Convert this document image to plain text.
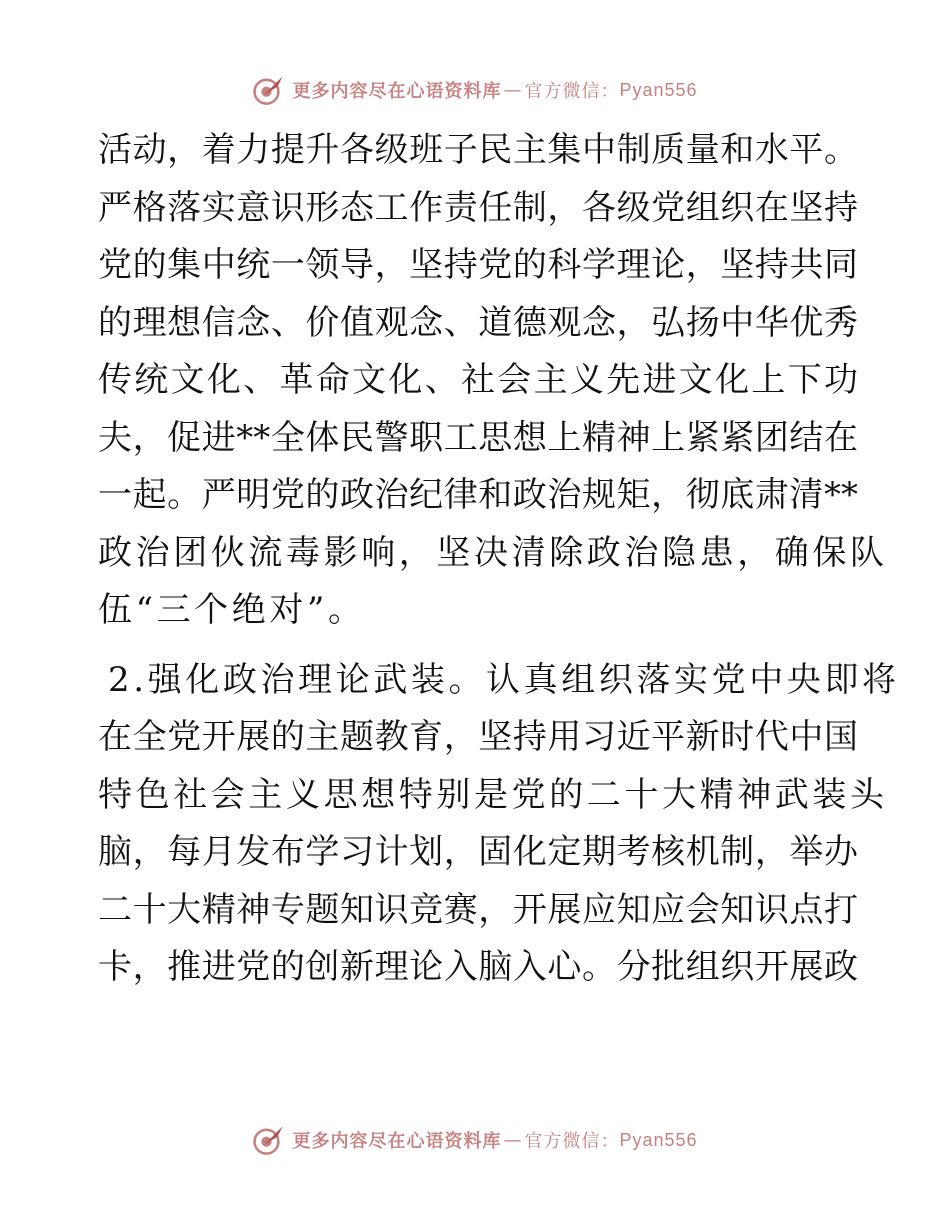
更多内容尽在心语资料库 — 官方微信： Pyan556
活动，着力提升各级班子民主集中制质量和水平。
严格落实意识形态工作责任制，各级党组织在坚持
党的集中统一领导，坚持党的科学理论，坚持共同
的理想信念、价值观念、道德观念，弘扬中华优秀
传统文化、革命文化、社会主义先进文化上下功
夫，促进**全体民警职工思想上精神上紧紧团结在
一起。严明党的政治纪律和政治规矩，彻底肃清**
政治团伙流毒影响，坚决清除政治隐患，确保队
伍“三个绝对”。
2.强化政治理论武装。认真组织落实党中央即将
在全党开展的主题教育，坚持用习近平新时代中国
特色社会主义思想特别是党的二十大精神武装头
脑，每月发布学习计划，固化定期考核机制，举办
二十大精神专题知识竞赛，开展应知应会知识点打
卡，推进党的创新理论入脑入心。分批组织开展政
更多内容尽在心语资料库 — 官方微信： Pyan556
